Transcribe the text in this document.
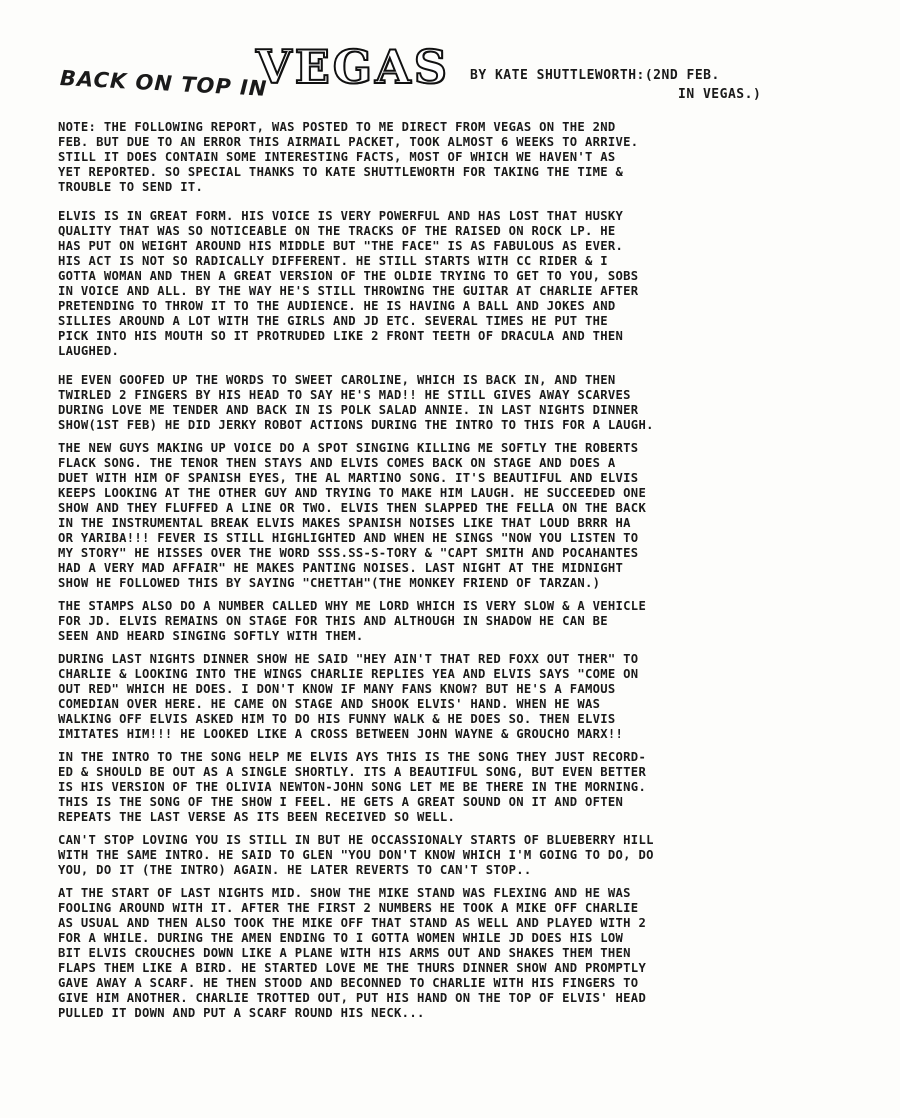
BACK ON TOP IN
VEGAS BY KATE SHUTTLEWORTH:(2ND FEB.
IN VEGAS.)
NOTE: THE FOLLOWING REPORT, WAS POSTED TO ME DIRECT FROM VEGAS ON THE 2ND
FEB. BUT DUE TO AN ERROR THIS AIRMAIL PACKET, TOOK ALMOST 6 WEEKS TO ARRIVE.
STILL IT DOES CONTAIN SOME INTERESTING FACTS, MOST OF WHICH WE HAVEN'T AS
YET REPORTED. SO SPECIAL THANKS TO KATE SHUTTLEWORTH FOR TAKING THE TIME &
TROUBLE TO SEND IT.
ELVIS IS IN GREAT FORM. HIS VOICE IS VERY POWERFUL AND HAS LOST THAT HUSKY
QUALITY THAT WAS SO NOTICEABLE ON THE TRACKS OF THE RAISED ON ROCK LP. HE
HAS PUT ON WEIGHT AROUND HIS MIDDLE BUT "THE FACE" IS AS FABULOUS AS EVER.
HIS ACT IS NOT SO RADICALLY DIFFERENT. HE STILL STARTS WITH CC RIDER & I
GOTTA WOMAN AND THEN A GREAT VERSION OF THE OLDIE TRYING TO GET TO YOU, SOBS
IN VOICE AND ALL. BY THE WAY HE'S STILL THROWING THE GUITAR AT CHARLIE AFTER
PRETENDING TO THROW IT TO THE AUDIENCE. HE IS HAVING A BALL AND JOKES AND
SILLIES AROUND A LOT WITH THE GIRLS AND JD ETC. SEVERAL TIMES HE PUT THE
PICK INTO HIS MOUTH SO IT PROTRUDED LIKE 2 FRONT TEETH OF DRACULA AND THEN
LAUGHED.
HE EVEN GOOFED UP THE WORDS TO SWEET CAROLINE, WHICH IS BACK IN, AND THEN
TWIRLED 2 FINGERS BY HIS HEAD TO SAY HE'S MAD!! HE STILL GIVES AWAY SCARVES
DURING LOVE ME TENDER AND BACK IN IS POLK SALAD ANNIE. IN LAST NIGHTS DINNER
SHOW(1ST FEB) HE DID JERKY ROBOT ACTIONS DURING THE INTRO TO THIS FOR A LAUGH.
THE NEW GUYS MAKING UP VOICE DO A SPOT SINGING KILLING ME SOFTLY THE ROBERTS
FLACK SONG. THE TENOR THEN STAYS AND ELVIS COMES BACK ON STAGE AND DOES A
DUET WITH HIM OF SPANISH EYES, THE AL MARTINO SONG. IT'S BEAUTIFUL AND ELVIS
KEEPS LOOKING AT THE OTHER GUY AND TRYING TO MAKE HIM LAUGH. HE SUCCEEDED ONE
SHOW AND THEY FLUFFED A LINE OR TWO. ELVIS THEN SLAPPED THE FELLA ON THE BACK
IN THE INSTRUMENTAL BREAK ELVIS MAKES SPANISH NOISES LIKE THAT LOUD BRRR HA
OR YARIBA!!! FEVER IS STILL HIGHLIGHTED AND WHEN HE SINGS "NOW YOU LISTEN TO
MY STORY" HE HISSES OVER THE WORD SSS.SS-S-TORY & "CAPT SMITH AND POCAHANTES
HAD A VERY MAD AFFAIR" HE MAKES PANTING NOISES. LAST NIGHT AT THE MIDNIGHT
SHOW HE FOLLOWED THIS BY SAYING "CHETTAH"(THE MONKEY FRIEND OF TARZAN.)
THE STAMPS ALSO DO A NUMBER CALLED WHY ME LORD WHICH IS VERY SLOW & A VEHICLE
FOR JD. ELVIS REMAINS ON STAGE FOR THIS AND ALTHOUGH IN SHADOW HE CAN BE
SEEN AND HEARD SINGING SOFTLY WITH THEM.
DURING LAST NIGHTS DINNER SHOW HE SAID "HEY AIN'T THAT RED FOXX OUT THER" TO
CHARLIE & LOOKING INTO THE WINGS CHARLIE REPLIES YEA AND ELVIS SAYS "COME ON
OUT RED" WHICH HE DOES. I DON'T KNOW IF MANY FANS KNOW? BUT HE'S A FAMOUS
COMEDIAN OVER HERE. HE CAME ON STAGE AND SHOOK ELVIS' HAND. WHEN HE WAS
WALKING OFF ELVIS ASKED HIM TO DO HIS FUNNY WALK & HE DOES SO. THEN ELVIS
IMITATES HIM!!! HE LOOKED LIKE A CROSS BETWEEN JOHN WAYNE & GROUCHO MARX!!
IN THE INTRO TO THE SONG HELP ME ELVIS AYS THIS IS THE SONG THEY JUST RECORD-
ED & SHOULD BE OUT AS A SINGLE SHORTLY. ITS A BEAUTIFUL SONG, BUT EVEN BETTER
IS HIS VERSION OF THE OLIVIA NEWTON-JOHN SONG LET ME BE THERE IN THE MORNING.
THIS IS THE SONG OF THE SHOW I FEEL. HE GETS A GREAT SOUND ON IT AND OFTEN
REPEATS THE LAST VERSE AS ITS BEEN RECEIVED SO WELL.
CAN'T STOP LOVING YOU IS STILL IN BUT HE OCCASSIONALY STARTS OF BLUEBERRY HILL
WITH THE SAME INTRO. HE SAID TO GLEN "YOU DON'T KNOW WHICH I'M GOING TO DO, DO
YOU, DO IT (THE INTRO) AGAIN. HE LATER REVERTS TO CAN'T STOP..
AT THE START OF LAST NIGHTS MID. SHOW THE MIKE STAND WAS FLEXING AND HE WAS
FOOLING AROUND WITH IT. AFTER THE FIRST 2 NUMBERS HE TOOK A MIKE OFF CHARLIE
AS USUAL AND THEN ALSO TOOK THE MIKE OFF THAT STAND AS WELL AND PLAYED WITH 2
FOR A WHILE. DURING THE AMEN ENDING TO I GOTTA WOMEN WHILE JD DOES HIS LOW
BIT ELVIS CROUCHES DOWN LIKE A PLANE WITH HIS ARMS OUT AND SHAKES THEM THEN
FLAPS THEM LIKE A BIRD. HE STARTED LOVE ME THE THURS DINNER SHOW AND PROMPTLY
GAVE AWAY A SCARF. HE THEN STOOD AND BECONNED TO CHARLIE WITH HIS FINGERS TO
GIVE HIM ANOTHER. CHARLIE TROTTED OUT, PUT HIS HAND ON THE TOP OF ELVIS' HEAD
PULLED IT DOWN AND PUT A SCARF ROUND HIS NECK...
